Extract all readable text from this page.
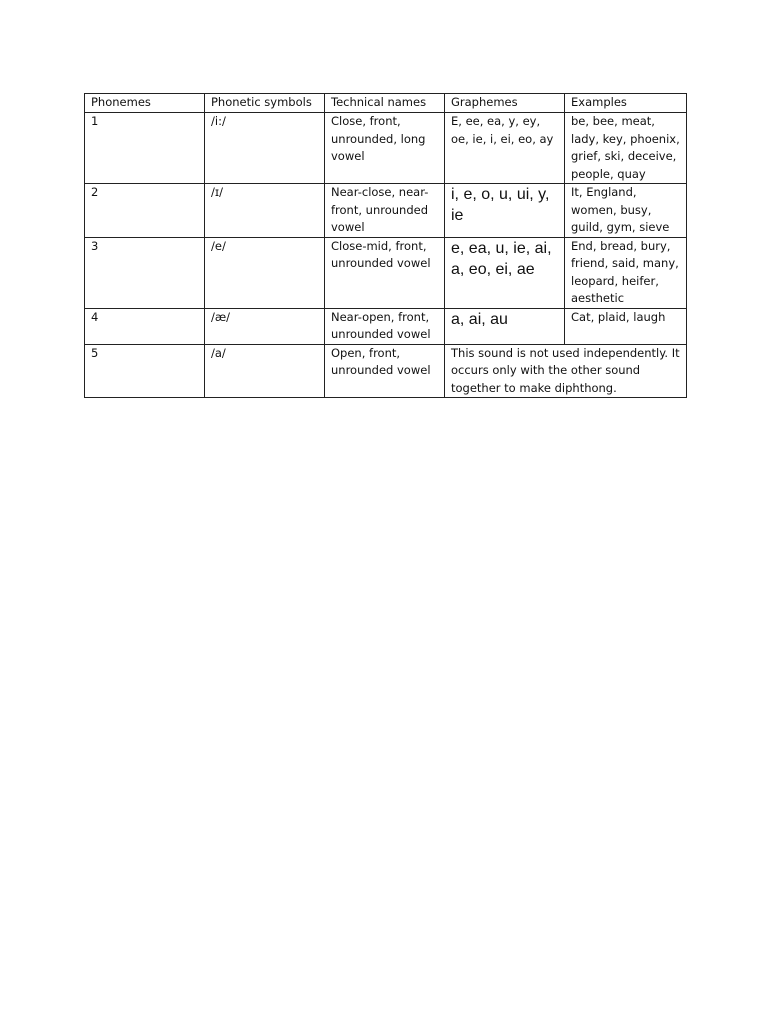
Phonemes	Phonetic symbols	Technical names	Graphemes	Examples
1	/i:/	Close, front, unrounded, long vowel	E, ee, ea, y, ey, oe, ie, i, ei, eo, ay	be, bee, meat, lady, key, phoenix, grief, ski, deceive, people, quay
2	/ɪ/	Near-close, near-front, unrounded vowel	i, e, o, u, ui, y, ie	It, England, women, busy, guild, gym, sieve
3	/e/	Close-mid, front, unrounded vowel	e, ea, u, ie, ai, a, eo, ei, ae	End, bread, bury, friend, said, many, leopard, heifer, aesthetic
4	/æ/	Near-open, front, unrounded vowel	a, ai, au	Cat, plaid, laugh
5	/a/	Open, front, unrounded vowel	This sound is not used independently. It occurs only with the other sound together to make diphthong.	
